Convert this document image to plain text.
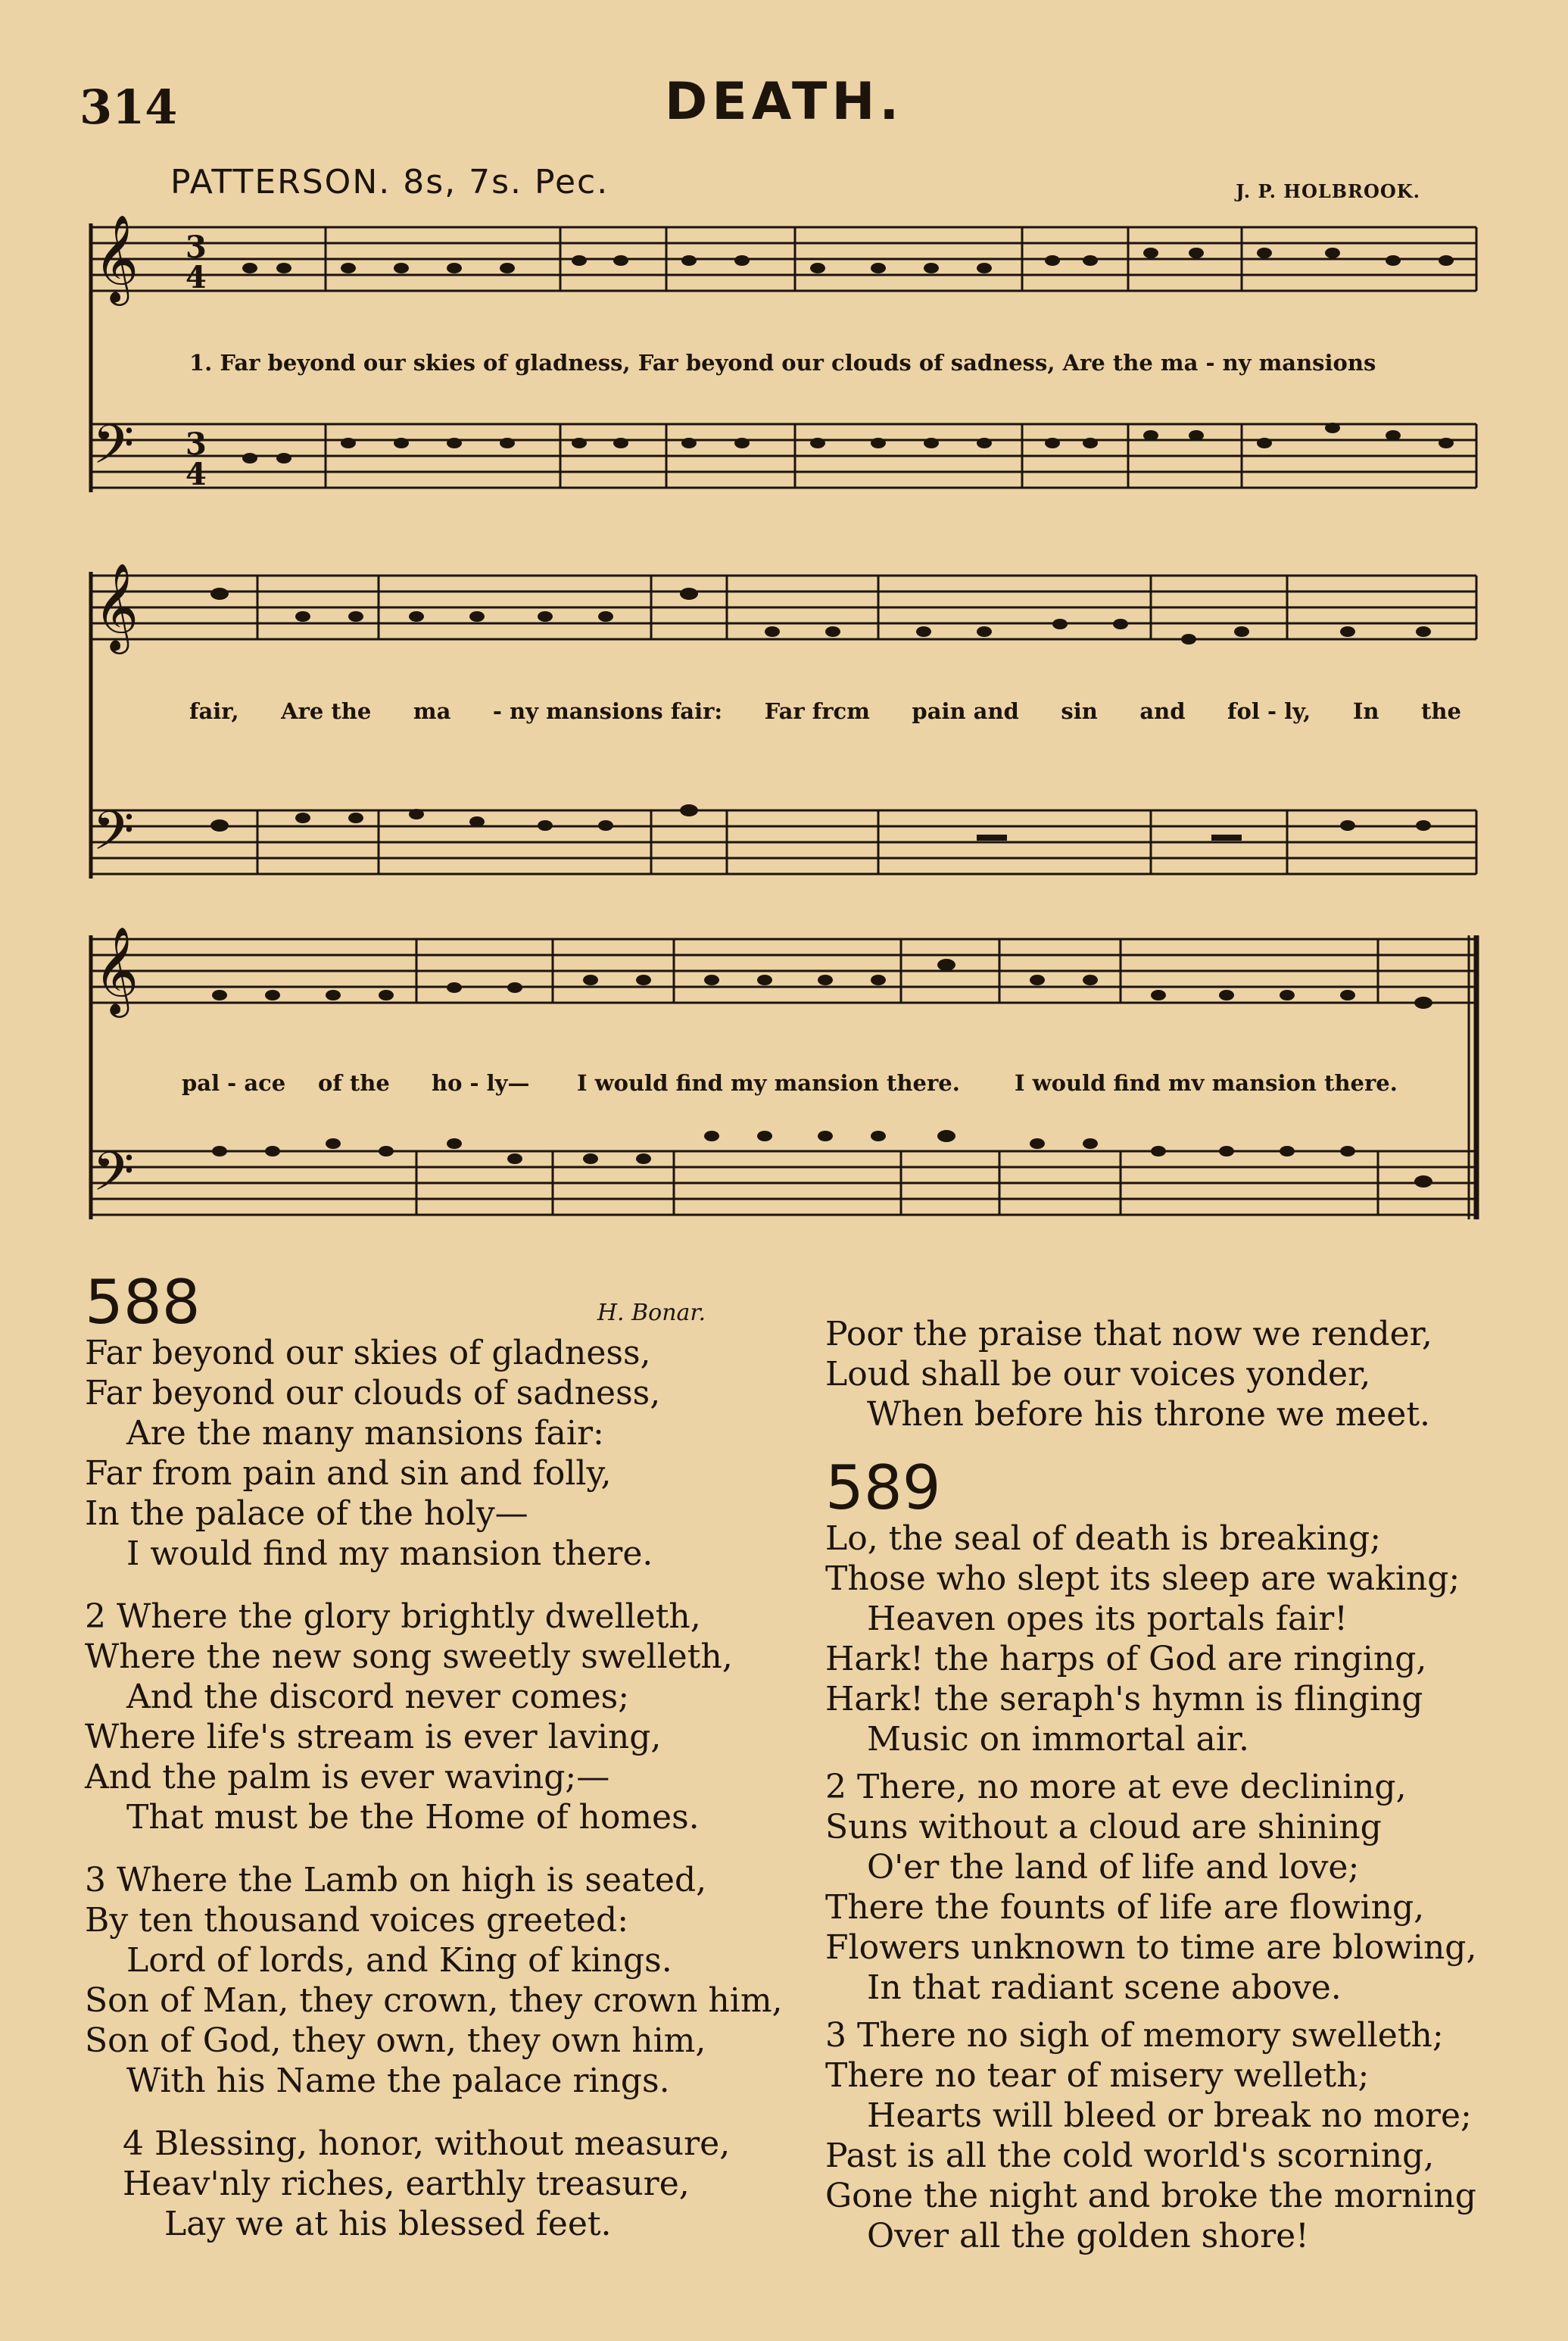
314	DEATH.
PATTERSON. 8s, 7s. Pec.	J. P. HOLBROOK.
𝄞
𝄢
3
4
3
4
1. Far beyond our skies of gladness, Far beyond our clouds of sadness, Are the ma - ny mansions
𝄞
𝄢
fair, Are the ma - ny mansions fair: Far frcm pain and sin and fol - ly, In the
𝄞
𝄢
pal - ace of the ho - ly— I would find my mansion there. I would find mv mansion there.
588	H. Bonar.
Far beyond our skies of gladness,
Far beyond our clouds of sadness,
Are the many mansions fair:
Far from pain and sin and folly,
In the palace of the holy—
I would find my mansion there.
2 Where the glory brightly dwelleth,
Where the new song sweetly swelleth,
And the discord never comes;
Where life's stream is ever laving,
And the palm is ever waving;—
That must be the Home of homes.
3 Where the Lamb on high is seated,
By ten thousand voices greeted:
Lord of lords, and King of kings.
Son of Man, they crown, they crown him,
Son of God, they own, they own him,
With his Name the palace rings.
4 Blessing, honor, without measure,
Heav'nly riches, earthly treasure,
Lay we at his blessed feet.
Poor the praise that now we render,
Loud shall be our voices yonder,
When before his throne we meet.
589
Lo, the seal of death is breaking;
Those who slept its sleep are waking;
Heaven opes its portals fair!
Hark! the harps of God are ringing,
Hark! the seraph's hymn is flinging
Music on immortal air.
2 There, no more at eve declining,
Suns without a cloud are shining
O'er the land of life and love;
There the founts of life are flowing,
Flowers unknown to time are blowing,
In that radiant scene above.
3 There no sigh of memory swelleth;
There no tear of misery welleth;
Hearts will bleed or break no more;
Past is all the cold world's scorning,
Gone the night and broke the morning
Over all the golden shore!
